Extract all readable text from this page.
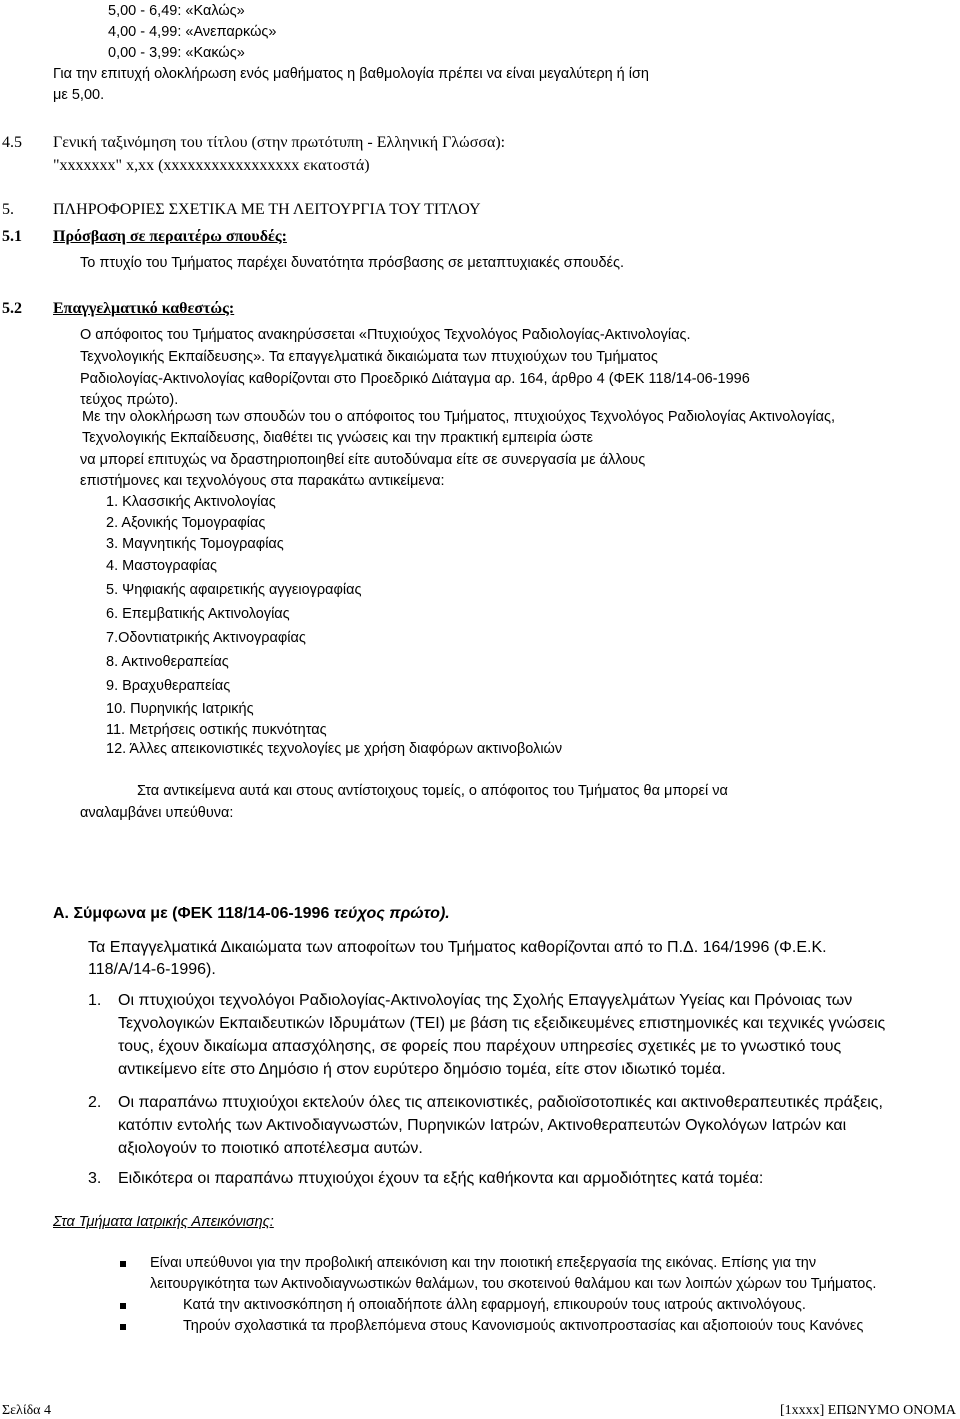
5,00 - 6,49: «Καλώς»
4,00 - 4,99: «Ανεπαρκώς»
0,00 - 3,99: «Κακώς»
Για την επιτυχή ολοκλήρωση ενός μαθήματος η βαθμολογία πρέπει να είναι μεγαλύτερη ή ίση
με 5,00.
4.5 Γενική ταξινόμηση του τίτλου (στην πρωτότυπη - Ελληνική Γλώσσα):
"xxxxxxx" x,xx (xxxxxxxxxxxxxxxxx εκατοστά)
5. ΠΛΗΡΟΦΟΡΙΕΣ ΣΧΕΤΙΚΑ ΜΕ ΤΗ ΛΕΙΤΟΥΡΓΙΑ ΤΟΥ ΤΙΤΛΟΥ
5.1 Πρόσβαση σε περαιτέρω σπουδές:
Το πτυχίο του Τμήματος παρέχει δυνατότητα πρόσβασης σε μεταπτυχιακές σπουδές.
5.2 Επαγγελματικό καθεστώς:
Ο απόφοιτος του Τμήματος ανακηρύσσεται «Πτυχιούχος Τεχνολόγος Ραδιολογίας-Ακτινολογίας.
Τεχνολογικής Εκπαίδευσης». Τα επαγγελματικά δικαιώματα των πτυχιούχων του Τμήματος
Ραδιολογίας-Ακτινολογίας καθορίζονται στο Προεδρικό Διάταγμα αρ. 164, άρθρο 4 (ΦΕΚ 118/14-06-1996
τεύχος πρώτο).
Με την ολοκλήρωση των σπουδών του ο απόφοιτος του Τμήματος, πτυχιούχος Τεχνολόγος Ραδιολογίας Ακτινολογίας,
Τεχνολογικής Εκπαίδευσης, διαθέτει τις γνώσεις και την πρακτική εμπειρία ώστε
να μπορεί επιτυχώς να δραστηριοποιηθεί είτε αυτοδύναμα είτε σε συνεργασία με άλλους
επιστήμονες και τεχνολόγους στα παρακάτω αντικείμενα:
1. Κλασσικής Ακτινολογίας
2. Αξονικής Τομογραφίας
3. Μαγνητικής Τομογραφίας
4. Μαστογραφίας
5. Ψηφιακής αφαιρετικής αγγειογραφίας
6. Επεμβατικής Ακτινολογίας
7.Οδοντιατρικής Ακτινογραφίας
8. Ακτινοθεραπείας
9. Βραχυθεραπείας
10. Πυρηνικής Ιατρικής
11. Μετρήσεις οστικής πυκνότητας
12. Άλλες απεικονιστικές τεχνολογίες με χρήση διαφόρων ακτινοβολιών
Στα αντικείμενα αυτά και στους αντίστοιχους τομείς, ο απόφοιτος του Τμήματος θα μπορεί να
αναλαμβάνει υπεύθυνα:
Α. Σύμφωνα με (ΦΕΚ 118/14-06-1996 τεύχος πρώτο).
Τα Επαγγελματικά Δικαιώματα των αποφοίτων του Τμήματος καθορίζονται από το Π.Δ. 164/1996 (Φ.Ε.Κ.
118/Α/14-6-1996).
1. Οι πτυχιούχοι τεχνολόγοι Ραδιολογίας-Ακτινολογίας της Σχολής Επαγγελμάτων Υγείας και Πρόνοιας των
Τεχνολογικών Εκπαιδευτικών Ιδρυμάτων (ΤΕΙ) με βάση τις εξειδικευμένες επιστημονικές και τεχνικές γνώσεις
τους, έχουν δικαίωμα απασχόλησης, σε φορείς που παρέχουν υπηρεσίες σχετικές με το γνωστικό τους
αντικείμενο είτε στο Δημόσιο ή στον ευρύτερο δημόσιο τομέα, είτε στον ιδιωτικό τομέα.
2. Οι παραπάνω πτυχιούχοι εκτελούν όλες τις απεικονιστικές, ραδιοϊσοτοπικές και ακτινοθεραπευτικές πράξεις,
κατόπιν εντολής των Ακτινοδιαγνωστών, Πυρηνικών Ιατρών, Ακτινοθεραπευτών Ογκολόγων Ιατρών και
αξιολογούν το ποιοτικό αποτέλεσμα αυτών.
3. Ειδικότερα οι παραπάνω πτυχιούχοι έχουν τα εξής καθήκοντα και αρμοδιότητες κατά τομέα:
Στα Τμήματα Ιατρικής Απεικόνισης:
Είναι υπεύθυνοι για την προβολική απεικόνιση και την ποιοτική επεξεργασία της εικόνας. Επίσης για την
λειτουργικότητα των Ακτινοδιαγνωστικών θαλάμων, του σκοτεινού θαλάμου και των λοιπών χώρων του Τμήματος.
Κατά την ακτινοσκόπηση ή οποιαδήποτε άλλη εφαρμογή, επικουρούν τους ιατρούς ακτινολόγους.
Τηρούν σχολαστικά τα προβλεπόμενα στους Κανονισμούς ακτινοπροστασίας και αξιοποιούν τους Κανόνες
Σελίδα 4	[1xxxx] ΕΠΩΝΥΜΟ ΟΝΟΜΑ
